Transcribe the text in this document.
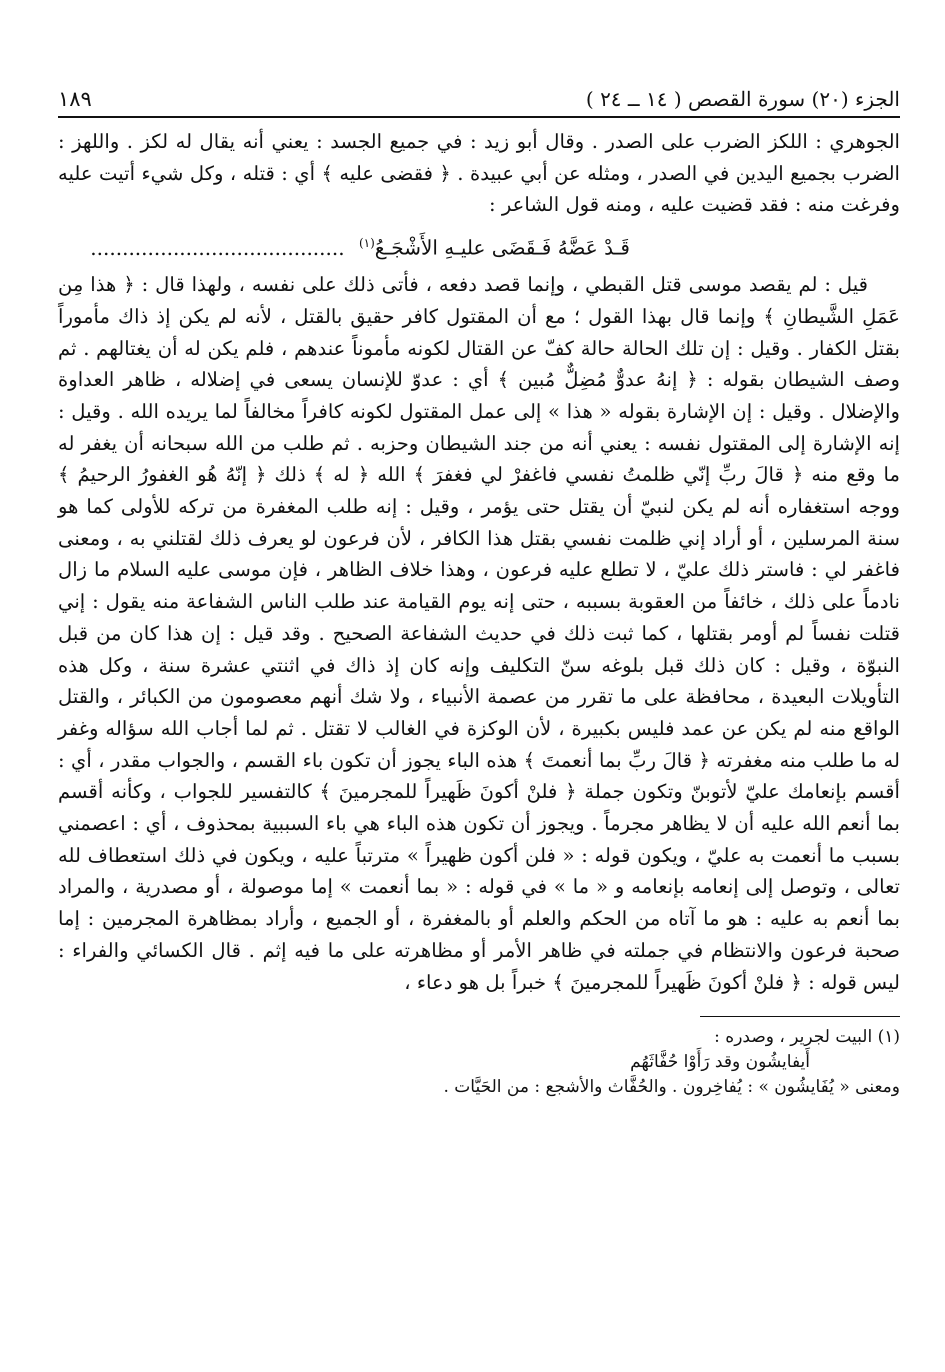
الجزء (٢٠) سورة القصص ( ١٤ ــ ٢٤ )
١٨٩

الجوهري : اللكز الضرب على الصدر . وقال أبو زيد : في جميع الجسد : يعني أنه يقال له لكز . واللهز : الضرب بجميع اليدين في الصدر ، ومثله عن أبي عبيدة . ﴿ فقضى عليه ﴾ أي : قتله ، وكل شيء أتيت عليه وفرغت منه : فقد قضيت عليه ، ومنه قول الشاعر :

قَـدْ عَضَّهُ فَـقَضَى عليـهِ الأَشْجَـعُ$^{(١)}$ ........................................

قيل : لم يقصد موسى قتل القبطي ، وإنما قصد دفعه ، فأتى ذلك على نفسه ، ولهذا قال : ﴿ هذا مِن عَمَلِ الشَّيطانِ ﴾ وإنما قال بهذا القول ؛ مع أن المقتول كافر حقيق بالقتل ، لأنه لم يكن إذ ذاك مأموراً بقتل الكفار . وقيل : إن تلك الحالة حالة كفّ عن القتال لكونه مأموناً عندهم ، فلم يكن له أن يغتالهم . ثم وصف الشيطان بقوله : ﴿ إنهُ عدوٌّ مُضِلٌّ مُبين ﴾ أي : عدوّ للإنسان يسعى في إضلاله ، ظاهر العداوة والإضلال . وقيل : إن الإشارة بقوله « هذا » إلى عمل المقتول لكونه كافراً مخالفاً لما يريده الله . وقيل : إنه الإشارة إلى المقتول نفسه : يعني أنه من جند الشيطان وحزبه . ثم طلب من الله سبحانه أن يغفر له ما وقع منه ﴿ قالَ ربِّ إنّي ظلمتُ نفسي فاغفرْ لي فغفرَ ﴾ الله ﴿ له ﴾ ذلك ﴿ إنّهُ هُو الغفورُ الرحيمُ ﴾ ووجه استغفاره أنه لم يكن لنبيّ أن يقتل حتى يؤمر ، وقيل : إنه طلب المغفرة من تركه للأولى كما هو سنة المرسلين ، أو أراد إني ظلمت نفسي بقتل هذا الكافر ، لأن فرعون لو يعرف ذلك لقتلني به ، ومعنى فاغفر لي : فاستر ذلك عليّ ، لا تطلع عليه فرعون ، وهذا خلاف الظاهر ، فإن موسى عليه السلام ما زال نادماً على ذلك ، خائفاً من العقوبة بسببه ، حتى إنه يوم القيامة عند طلب الناس الشفاعة منه يقول : إني قتلت نفساً لم أومر بقتلها ، كما ثبت ذلك في حديث الشفاعة الصحيح . وقد قيل : إن هذا كان من قبل النبوّة ، وقيل : كان ذلك قبل بلوغه سنّ التكليف وإنه كان إذ ذاك في اثنتي عشرة سنة ، وكل هذه التأويلات البعيدة ، محافظة على ما تقرر من عصمة الأنبياء ، ولا شك أنهم معصومون من الكبائر ، والقتل الواقع منه لم يكن عن عمد فليس بكبيرة ، لأن الوكزة في الغالب لا تقتل . ثم لما أجاب الله سؤاله وغفر له ما طلب منه مغفرته ﴿ قالَ ربِّ بما أنعمتَ ﴾ هذه الباء يجوز أن تكون باء القسم ، والجواب مقدر ، أي : أقسم بإنعامك عليّ لأتوبنّ وتكون جملة ﴿ فلنْ أكونَ ظَهيراً للمجرمينَ ﴾ كالتفسير للجواب ، وكأنه أقسم بما أنعم الله عليه أن لا يظاهر مجرماً . ويجوز أن تكون هذه الباء هي باء السببية بمحذوف ، أي : اعصمني بسبب ما أنعمت به عليّ ، ويكون قوله : « فلن أكون ظهيراً » مترتباً عليه ، ويكون في ذلك استعطاف لله تعالى ، وتوصل إلى إنعامه بإنعامه و « ما » في قوله : « بما أنعمت » إما موصولة ، أو مصدرية ، والمراد بما أنعم به عليه : هو ما آتاه من الحكم والعلم أو بالمغفرة ، أو الجميع ، وأراد بمظاهرة المجرمين : إما صحبة فرعون والانتظام في جملته في ظاهر الأمر أو مظاهرته على ما فيه إثم . قال الكسائي والفراء : ليس قوله : ﴿ فلنْ أكونَ ظَهيراً للمجرمينَ ﴾ خبراً بل هو دعاء ،

(١) البيت لجرير ، وصدره :

أَيفايشُون وقد رَأَوْا حُفَّاثَهُم

ومعنى « يُفَايشُون » : يُفاخِرون . والحُفَّاث والأشجع : من الحَيَّات .
